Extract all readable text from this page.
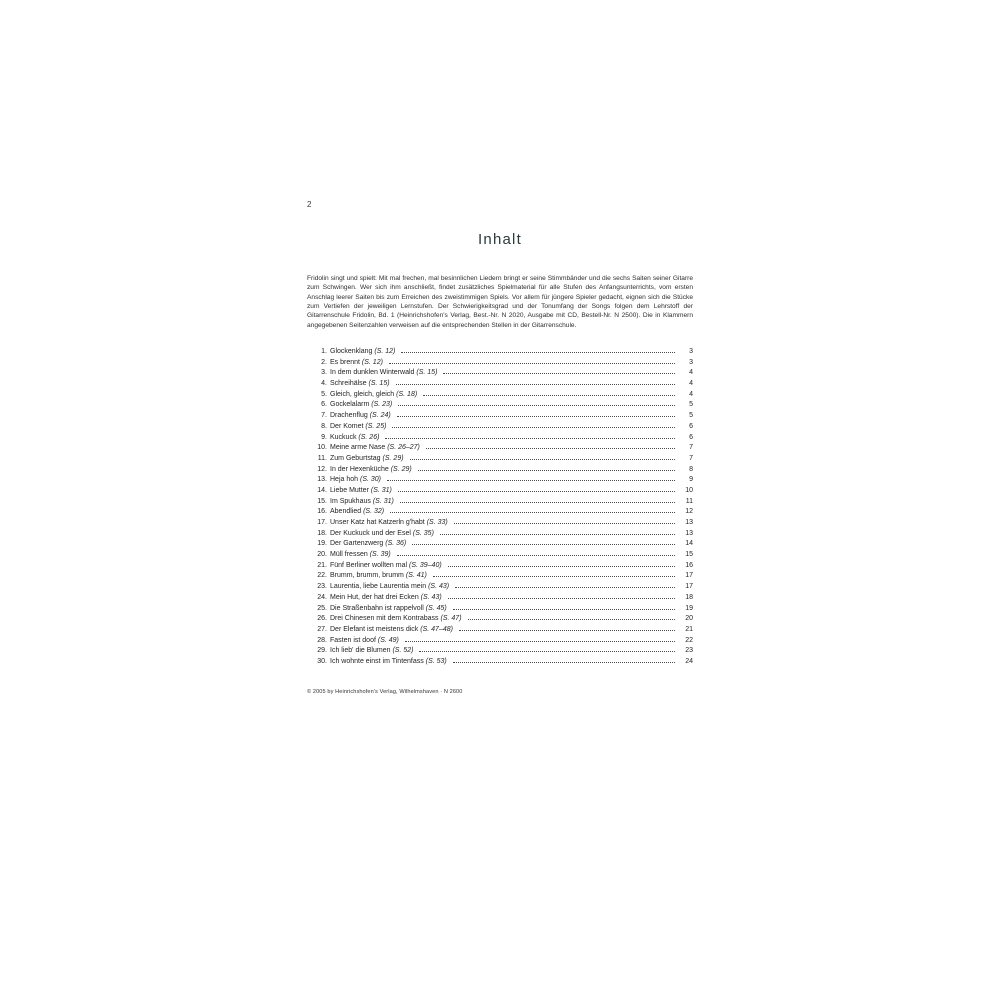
2
Inhalt

Fridolin singt und spielt: Mit mal frechen, mal besinnlichen Liedern bringt er seine Stimmbänder und die sechs Saiten seiner Gitarre zum Schwingen. Wer sich ihm anschließt, findet zusätzliches Spielmaterial für alle Stufen des Anfangsunterrichts, vom ersten Anschlag leerer Saiten bis zum Erreichen des zweistimmigen Spiels. Vor allem für jüngere Spieler gedacht, eignen sich die Stücke zum Vertiefen der jeweiligen Lernstufen. Der Schwierigkeitsgrad und der Tonumfang der Songs folgen dem Lehrstoff der Gitarrenschule Fridolin, Bd. 1 (Heinrichshofen's Verlag, Best.-Nr. N 2020, Ausgabe mit CD, Bestell-Nr. N 2500). Die in Klammern angegebenen Seitenzahlen verweisen auf die entsprechenden Stellen in der Gitarrenschule.

1. Glockenklang (S. 12)	3
2. Es brennt (S. 12)	3
3. In dem dunklen Winterwald (S. 15)	4
4. Schreihälse (S. 15)	4
5. Gleich, gleich, gleich (S. 18)	4
6. Gockelalarm (S. 23)	5
7. Drachenflug (S. 24)	5
8. Der Komet (S. 25)	6
9. Kuckuck (S. 26)	6
10. Meine arme Nase (S. 26–27)	7
11. Zum Geburtstag (S. 29)	7
12. In der Hexenküche (S. 29)	8
13. Heja hoh (S. 30)	9
14. Liebe Mutter (S. 31)	10
15. Im Spukhaus (S. 31)	11
16. Abendlied (S. 32)	12
17. Unser Katz hat Katzerln g'habt (S. 33)	13
18. Der Kuckuck und der Esel (S. 35)	13
19. Der Gartenzwerg (S. 36)	14
20. Müll fressen (S. 39)	15
21. Fünf Berliner wollten mal (S. 39–40)	16
22. Brumm, brumm, brumm (S. 41)	17
23. Laurentia, liebe Laurentia mein (S. 43)	17
24. Mein Hut, der hat drei Ecken (S. 43)	18
25. Die Straßenbahn ist rappelvoll (S. 45)	19
26. Drei Chinesen mit dem Kontrabass (S. 47)	20
27. Der Elefant ist meistens dick (S. 47–48)	21
28. Fasten ist doof (S. 49)	22
29. Ich lieb' die Blumen (S. 52)	23
30. Ich wohnte einst im Tintenfass (S. 53)	24
© 2005 by Heinrichshofen's Verlag, Wilhelmshaven · N 2600
